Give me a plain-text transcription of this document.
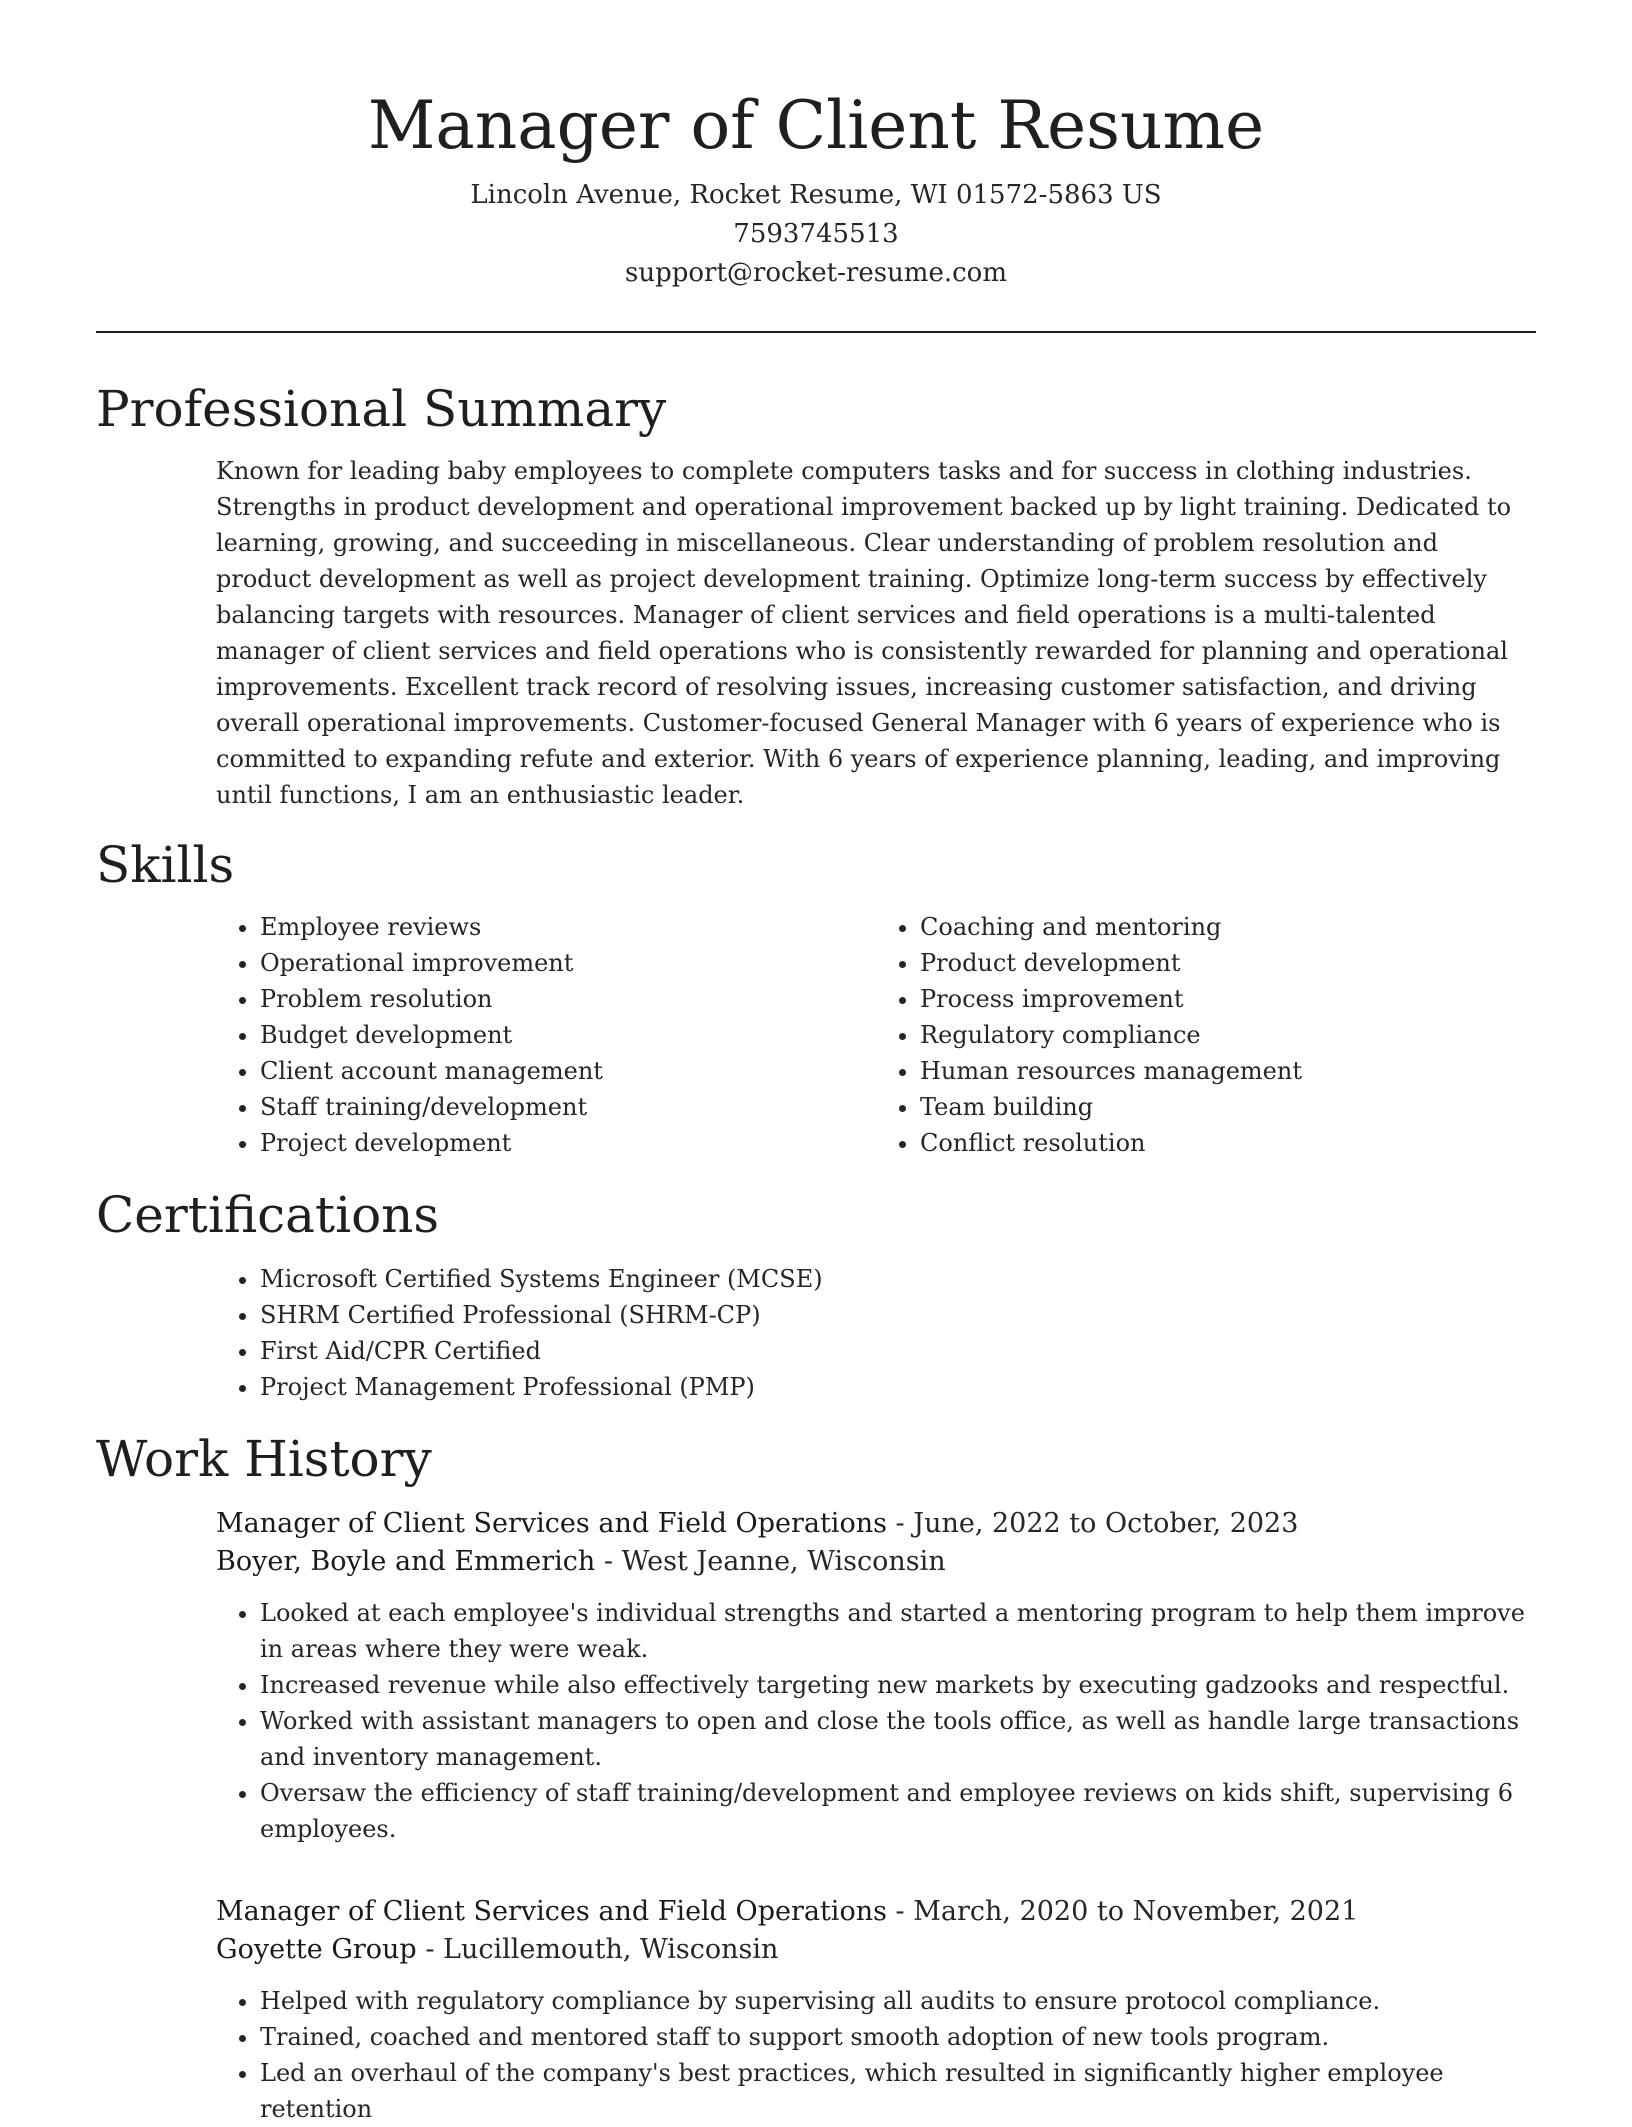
Manager of Client Resume

Lincoln Avenue, Rocket Resume, WI 01572-5863 US

7593745513

support@rocket-resume.com

Professional Summary

Known for leading baby employees to complete computers tasks and for success in clothing industries. Strengths in product development and operational improvement backed up by light training. Dedicated to learning, growing, and succeeding in miscellaneous. Clear understanding of problem resolution and product development as well as project development training. Optimize long-term success by effectively balancing targets with resources. Manager of client services and field operations is a multi-talented manager of client services and field operations who is consistently rewarded for planning and operational improvements. Excellent track record of resolving issues, increasing customer satisfaction, and driving overall operational improvements. Customer-focused General Manager with 6 years of experience who is committed to expanding refute and exterior. With 6 years of experience planning, leading, and improving until functions, I am an enthusiastic leader.

Skills
• Employee reviews
• Operational improvement
• Problem resolution
• Budget development
• Client account management
• Staff training/development
• Project development
• Coaching and mentoring
• Product development
• Process improvement
• Regulatory compliance
• Human resources management
• Team building
• Conflict resolution
Certifications
• Microsoft Certified Systems Engineer (MCSE)
• SHRM Certified Professional (SHRM-CP)
• First Aid/CPR Certified
• Project Management Professional (PMP)
Work History

Manager of Client Services and Field Operations - June, 2022 to October, 2023

Boyer, Boyle and Emmerich - West Jeanne, Wisconsin

• Looked at each employee's individual strengths and started a mentoring program to help them improve in areas where they were weak.
• Increased revenue while also effectively targeting new markets by executing gadzooks and respectful.
• Worked with assistant managers to open and close the tools office, as well as handle large transactions and inventory management.
• Oversaw the efficiency of staff training/development and employee reviews on kids shift, supervising 6 employees.

Manager of Client Services and Field Operations - March, 2020 to November, 2021

Goyette Group - Lucillemouth, Wisconsin

• Helped with regulatory compliance by supervising all audits to ensure protocol compliance.
• Trained, coached and mentored staff to support smooth adoption of new tools program.
• Led an overhaul of the company's best practices, which resulted in significantly higher employee retention
